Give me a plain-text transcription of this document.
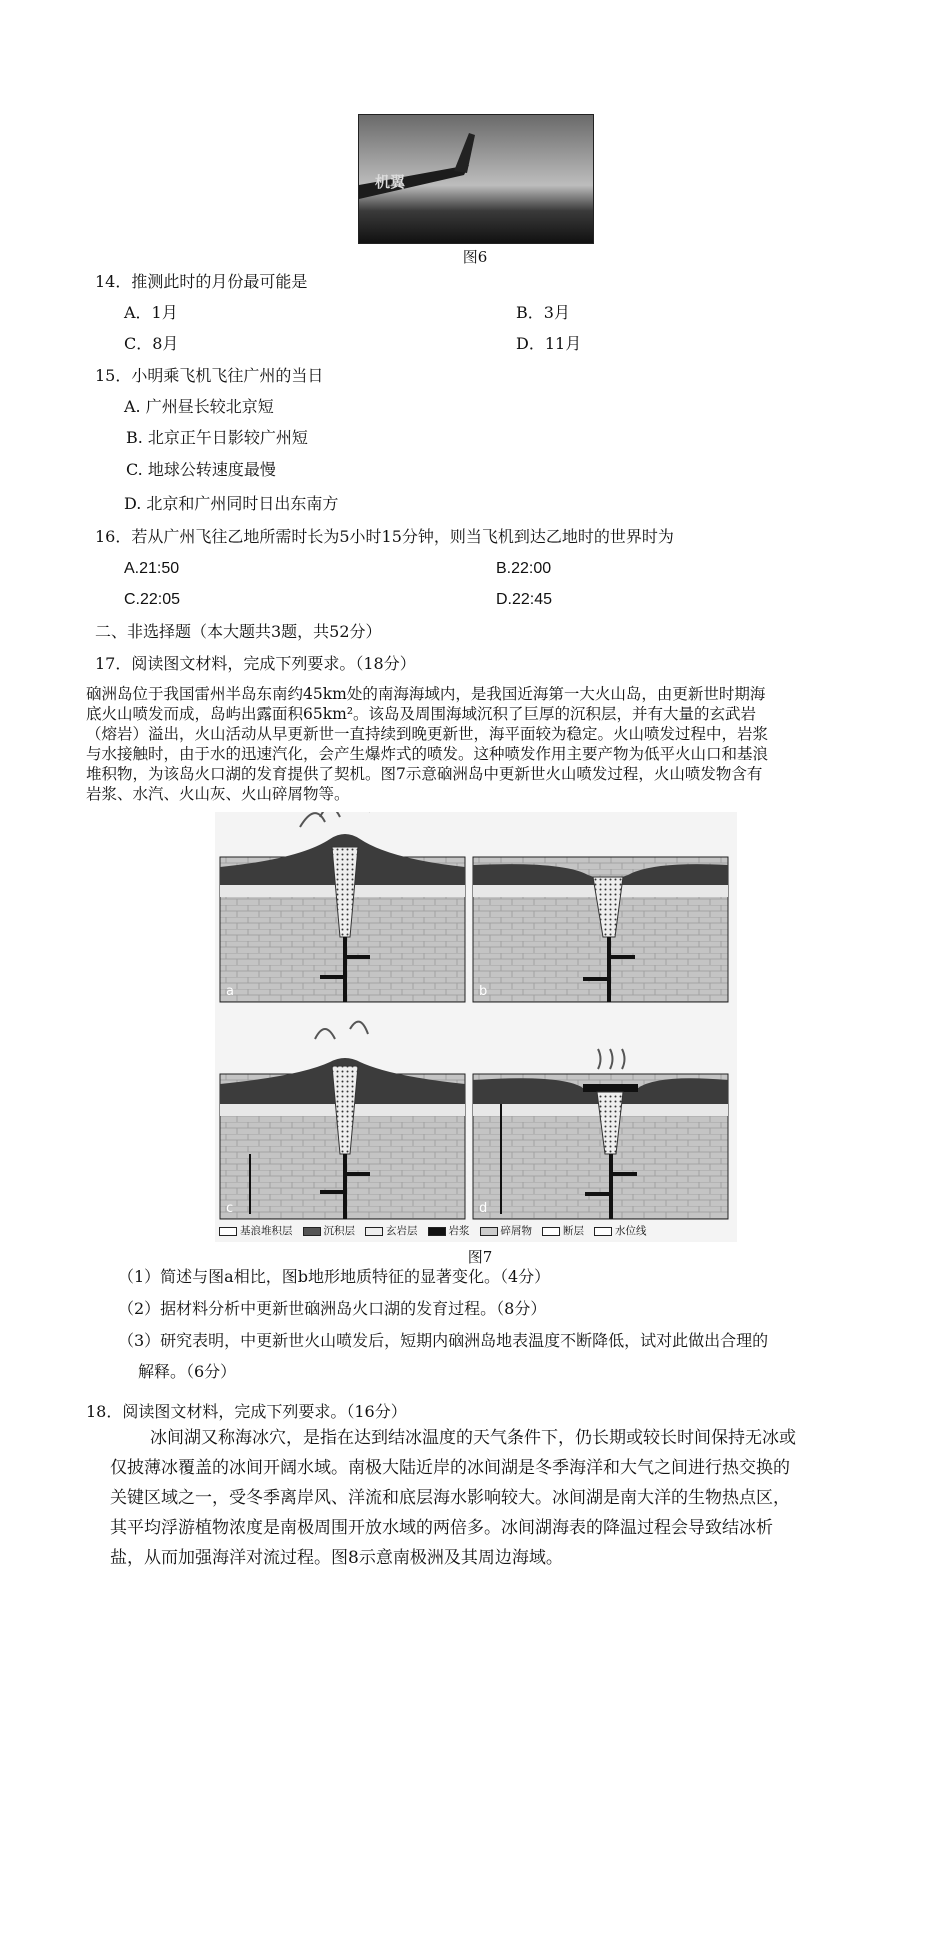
机翼
图6
14．推测此时的月份最可能是
A．1月	B．3月
C．8月	D．11月
15．小明乘飞机飞往广州的当日
A. 广州昼长较北京短
B. 北京正午日影较广州短
C. 地球公转速度最慢
D. 北京和广州同时日出东南方
16．若从广州飞往乙地所需时长为5小时15分钟，则当飞机到达乙地时的世界时为
A.21:50	B.22:00
C.22:05	D.22:45
二、非选择题（本大题共3题，共52分）
17．阅读图文材料，完成下列要求。（18分）
硇洲岛位于我国雷州半岛东南约45km处的南海海域内，是我国近海第一大火山岛，由更新世时期海
底火山喷发而成，岛屿出露面积65km²。该岛及周围海域沉积了巨厚的沉积层，并有大量的玄武岩
（熔岩）溢出，火山活动从早更新世一直持续到晚更新世，海平面较为稳定。火山喷发过程中，岩浆
与水接触时，由于水的迅速汽化，会产生爆炸式的喷发。这种喷发作用主要产物为低平火山口和基浪
堆积物，为该岛火口湖的发育提供了契机。图7示意硇洲岛中更新世火山喷发过程，火山喷发物含有
岩浆、水汽、火山灰、火山碎屑物等。
a	b
c	d
基浪堆积层	沉积层	玄岩层	岩浆	碎屑物	断层	水位线
图7
（1）简述与图a相比，图b地形地质特征的显著变化。（4分）
（2）据材料分析中更新世硇洲岛火口湖的发育过程。（8分）
（3）研究表明，中更新世火山喷发后，短期内硇洲岛地表温度不断降低，试对此做出合理的
解释。（6分）
18．阅读图文材料，完成下列要求。（16分）
冰间湖又称海冰穴，是指在达到结冰温度的天气条件下，仍长期或较长时间保持无冰或
仅披薄冰覆盖的冰间开阔水域。南极大陆近岸的冰间湖是冬季海洋和大气之间进行热交换的
关键区域之一，受冬季离岸风、洋流和底层海水影响较大。冰间湖是南大洋的生物热点区，
其平均浮游植物浓度是南极周围开放水域的两倍多。冰间湖海表的降温过程会导致结冰析
盐，从而加强海洋对流过程。图8示意南极洲及其周边海域。
